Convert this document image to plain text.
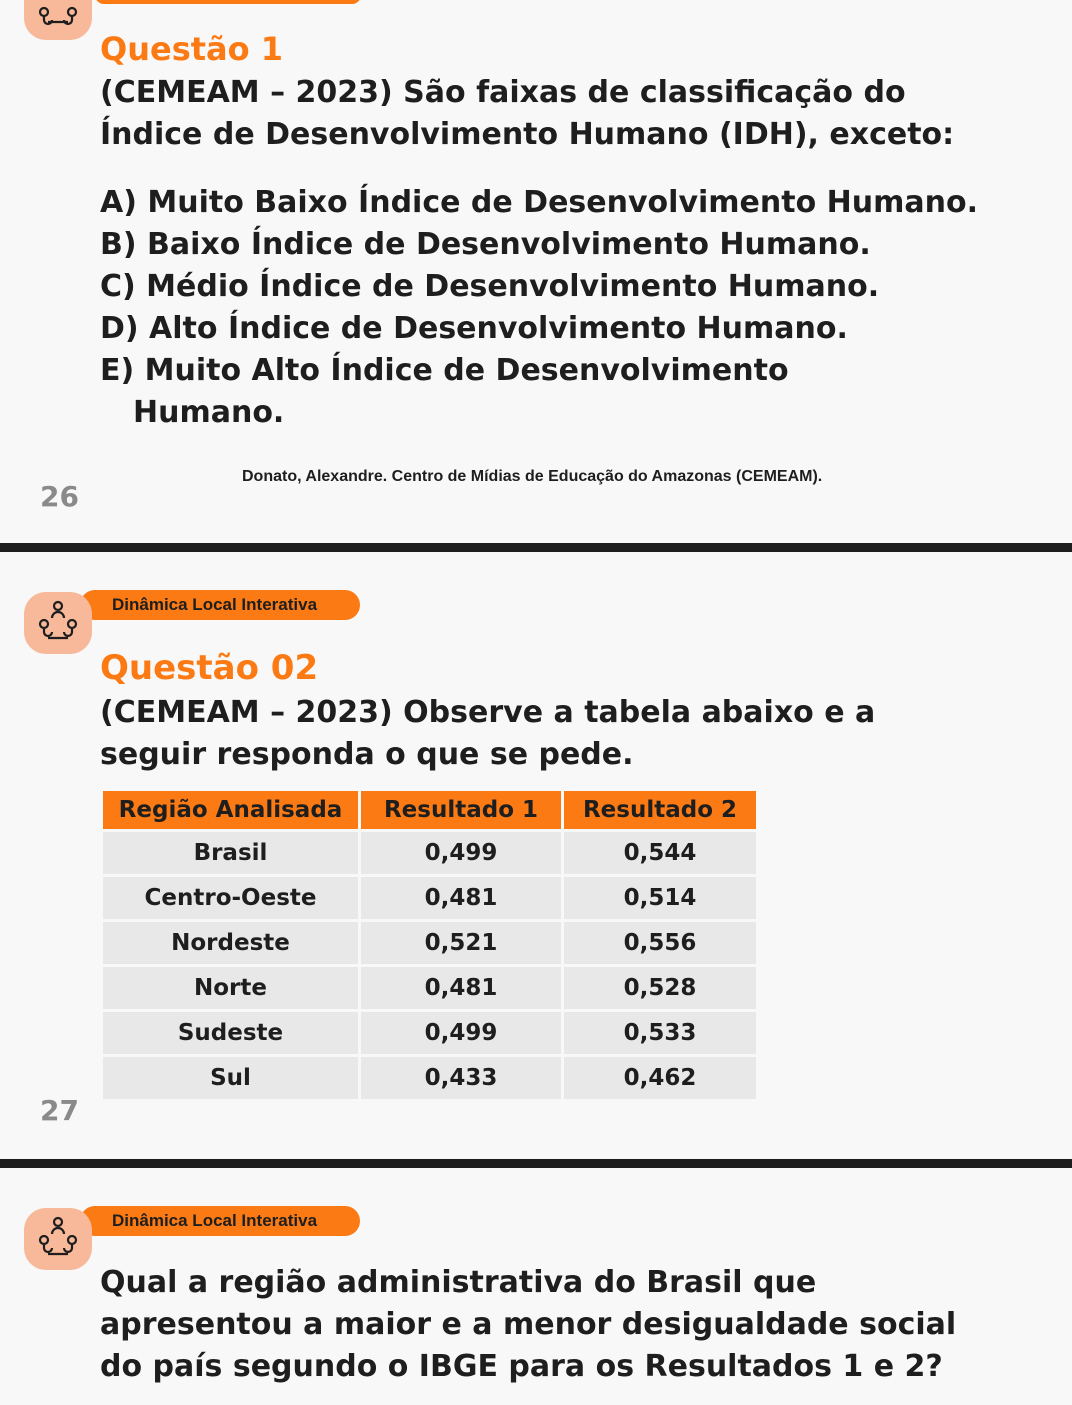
Questão 1
(CEMEAM – 2023) São faixas de classificação do Índice de Desenvolvimento Humano (IDH), exceto:
A) Muito Baixo Índice de Desenvolvimento Humano.
B) Baixo Índice de Desenvolvimento Humano.
C) Médio Índice de Desenvolvimento Humano.
D) Alto Índice de Desenvolvimento Humano.
E) Muito Alto Índice de Desenvolvimento
Humano.
Donato, Alexandre. Centro de Mídias de Educação do Amazonas (CEMEAM).
26
Dinâmica Local Interativa
Questão 02
(CEMEAM – 2023) Observe a tabela abaixo e a seguir responda o que se pede.
Região Analisada	Resultado 1	Resultado 2
Brasil	0,499	0,544
Centro-Oeste	0,481	0,514
Nordeste	0,521	0,556
Norte	0,481	0,528
Sudeste	0,499	0,533
Sul	0,433	0,462
27
Dinâmica Local Interativa
Qual a região administrativa do Brasil que apresentou a maior e a menor desigualdade social do país segundo o IBGE para os Resultados 1 e 2?
